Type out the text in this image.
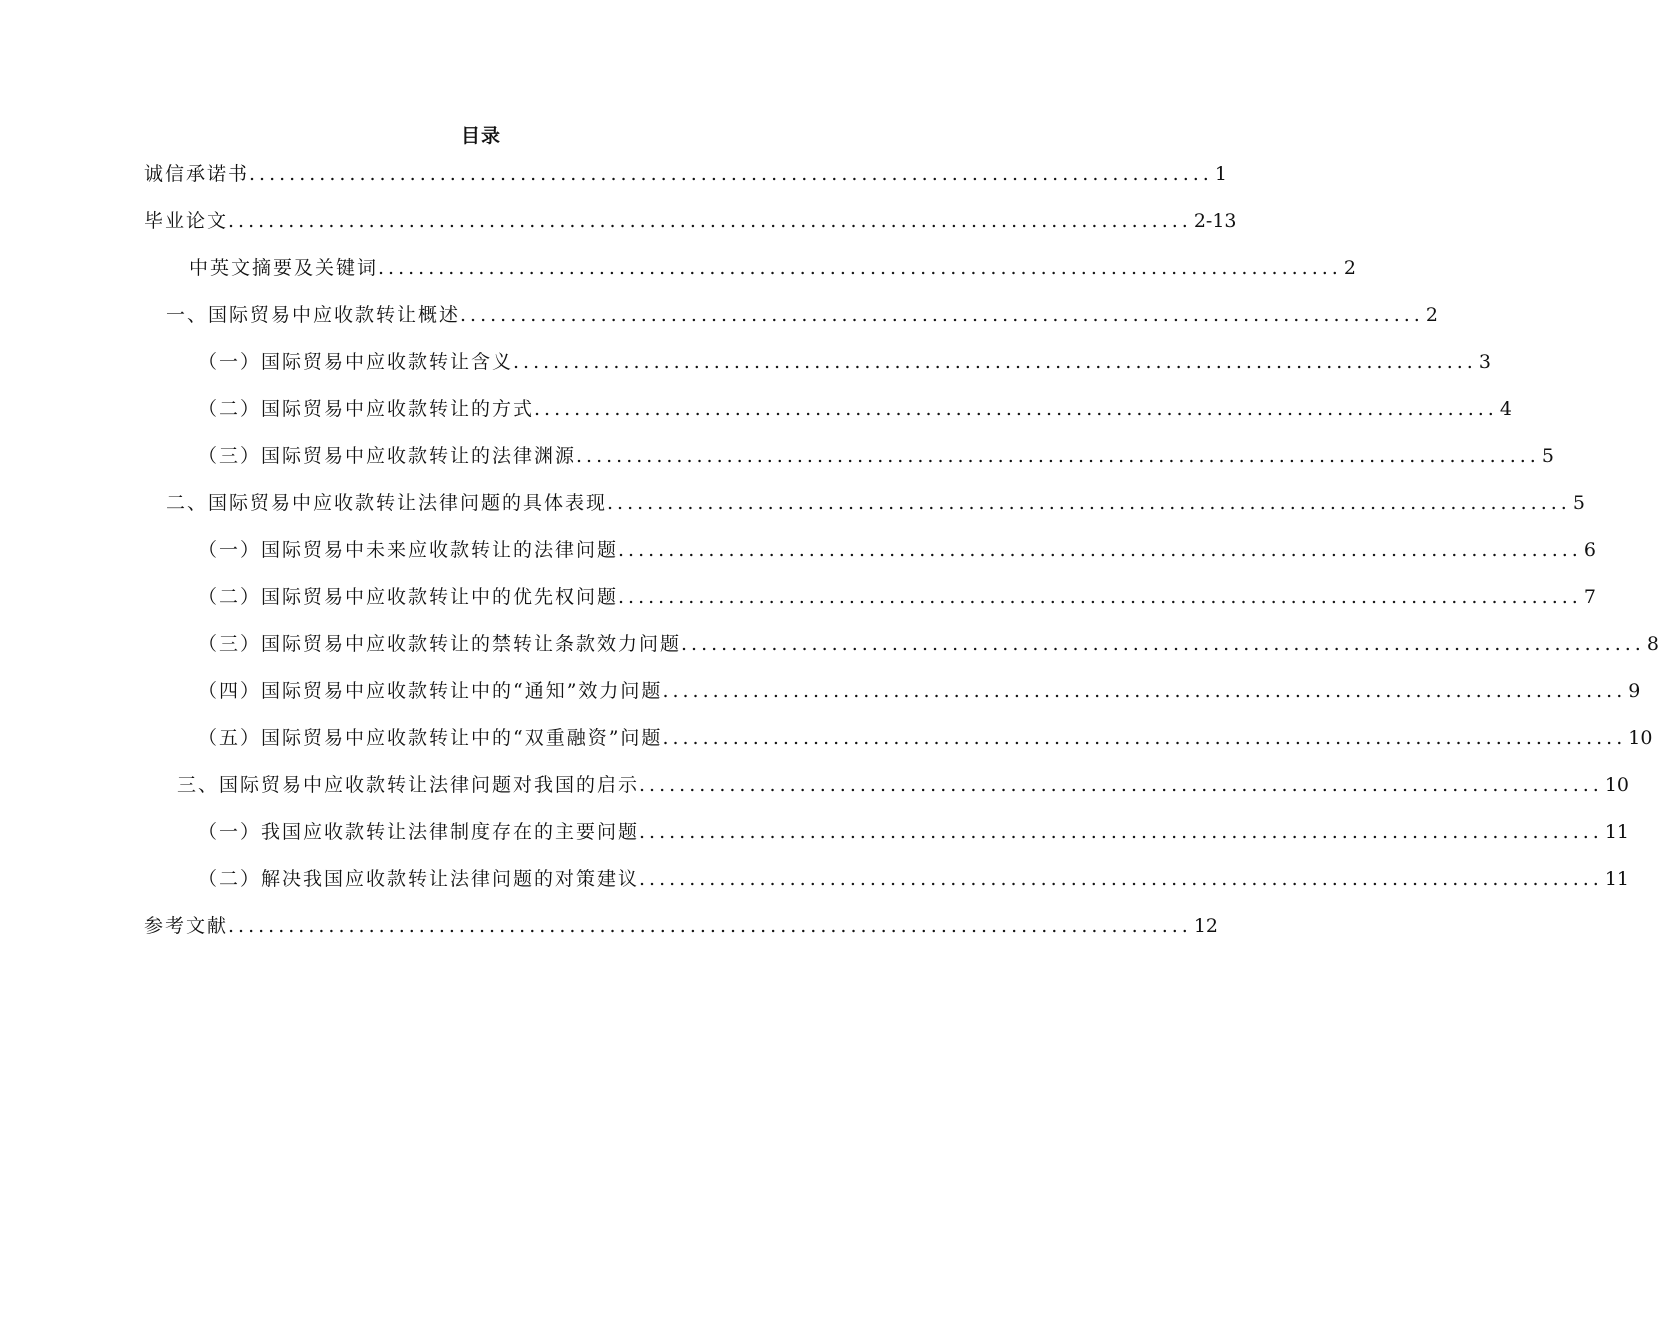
目录
诚信承诺书 ................................................................................................ 1
毕业论文 ................................................................................................ 2-13
中英文摘要及关键词 ................................................................................................ 2
一、国际贸易中应收款转让概述 ................................................................................................ 2
（一）国际贸易中应收款转让含义 ................................................................................................ 3
（二）国际贸易中应收款转让的方式 ................................................................................................ 4
（三）国际贸易中应收款转让的法律渊源 ................................................................................................ 5
二、国际贸易中应收款转让法律问题的具体表现 ................................................................................................ 5
（一）国际贸易中未来应收款转让的法律问题 ................................................................................................ 6
（二）国际贸易中应收款转让中的优先权问题 ................................................................................................ 7
（三）国际贸易中应收款转让的禁转让条款效力问题 ................................................................................................ 8
（四）国际贸易中应收款转让中的“通知”效力问题 ................................................................................................ 9
（五）国际贸易中应收款转让中的“双重融资”问题 ................................................................................................ 10
三、国际贸易中应收款转让法律问题对我国的启示 ................................................................................................ 10
（一）我国应收款转让法律制度存在的主要问题 ................................................................................................ 11
（二）解决我国应收款转让法律问题的对策建议 ................................................................................................ 11
参考文献 ................................................................................................ 12
